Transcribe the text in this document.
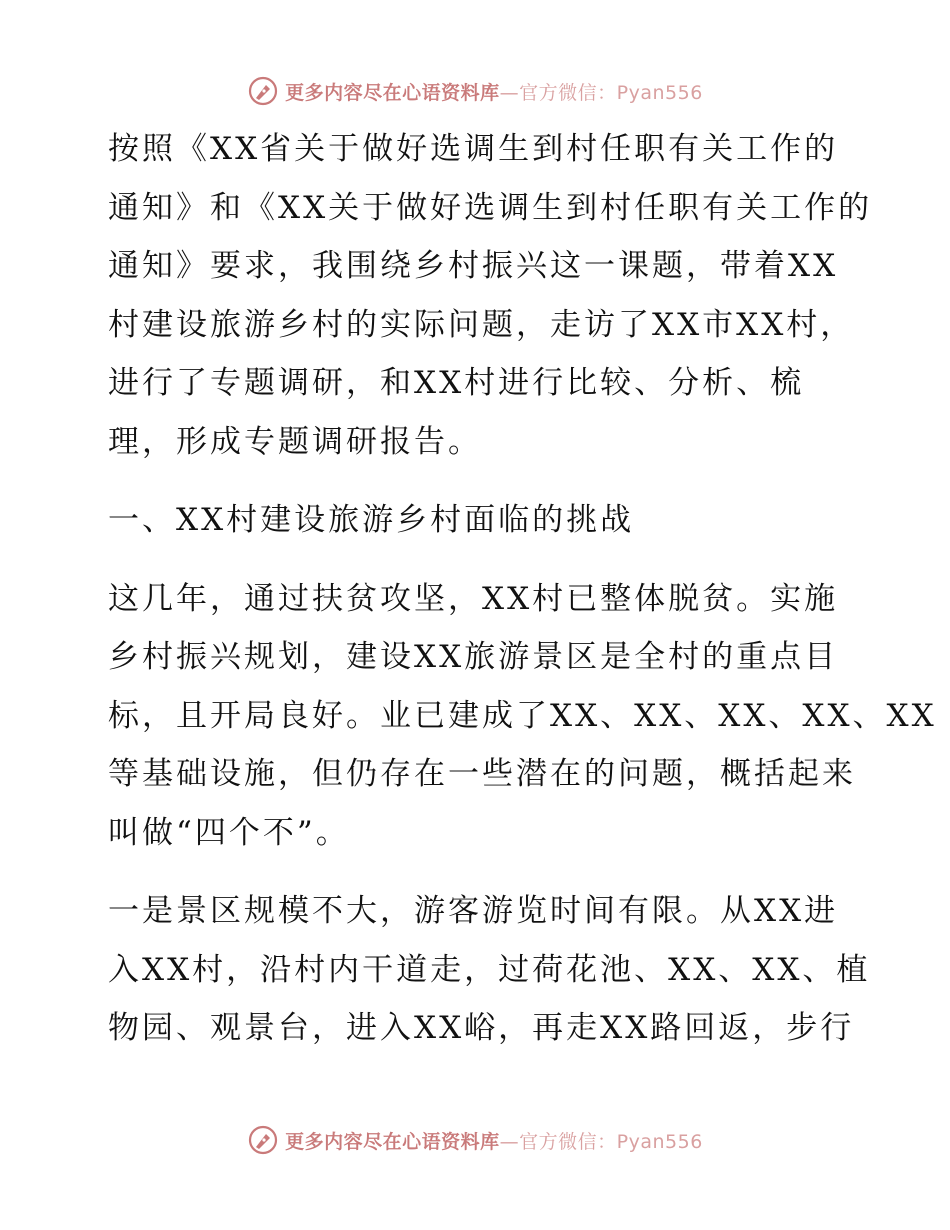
更多内容尽在心语资料库—官方微信：Pyan556
按照《XX省关于做好选调生到村任职有关工作的
通知》和《XX关于做好选调生到村任职有关工作的
通知》要求，我围绕乡村振兴这一课题，带着XX
村建设旅游乡村的实际问题，走访了XX市XX村，
进行了专题调研，和XX村进行比较、分析、梳
理，形成专题调研报告。
一、XX村建设旅游乡村面临的挑战
这几年，通过扶贫攻坚，XX村已整体脱贫。实施
乡村振兴规划，建设XX旅游景区是全村的重点目
标，且开局良好。业已建成了XX、XX、XX、XX、XX
等基础设施，但仍存在一些潜在的问题，概括起来
叫做“四个不”。
一是景区规模不大，游客游览时间有限。从XX进
入XX村，沿村内干道走，过荷花池、XX、XX、植
物园、观景台，进入XX峪，再走XX路回返，步行
更多内容尽在心语资料库—官方微信：Pyan556
